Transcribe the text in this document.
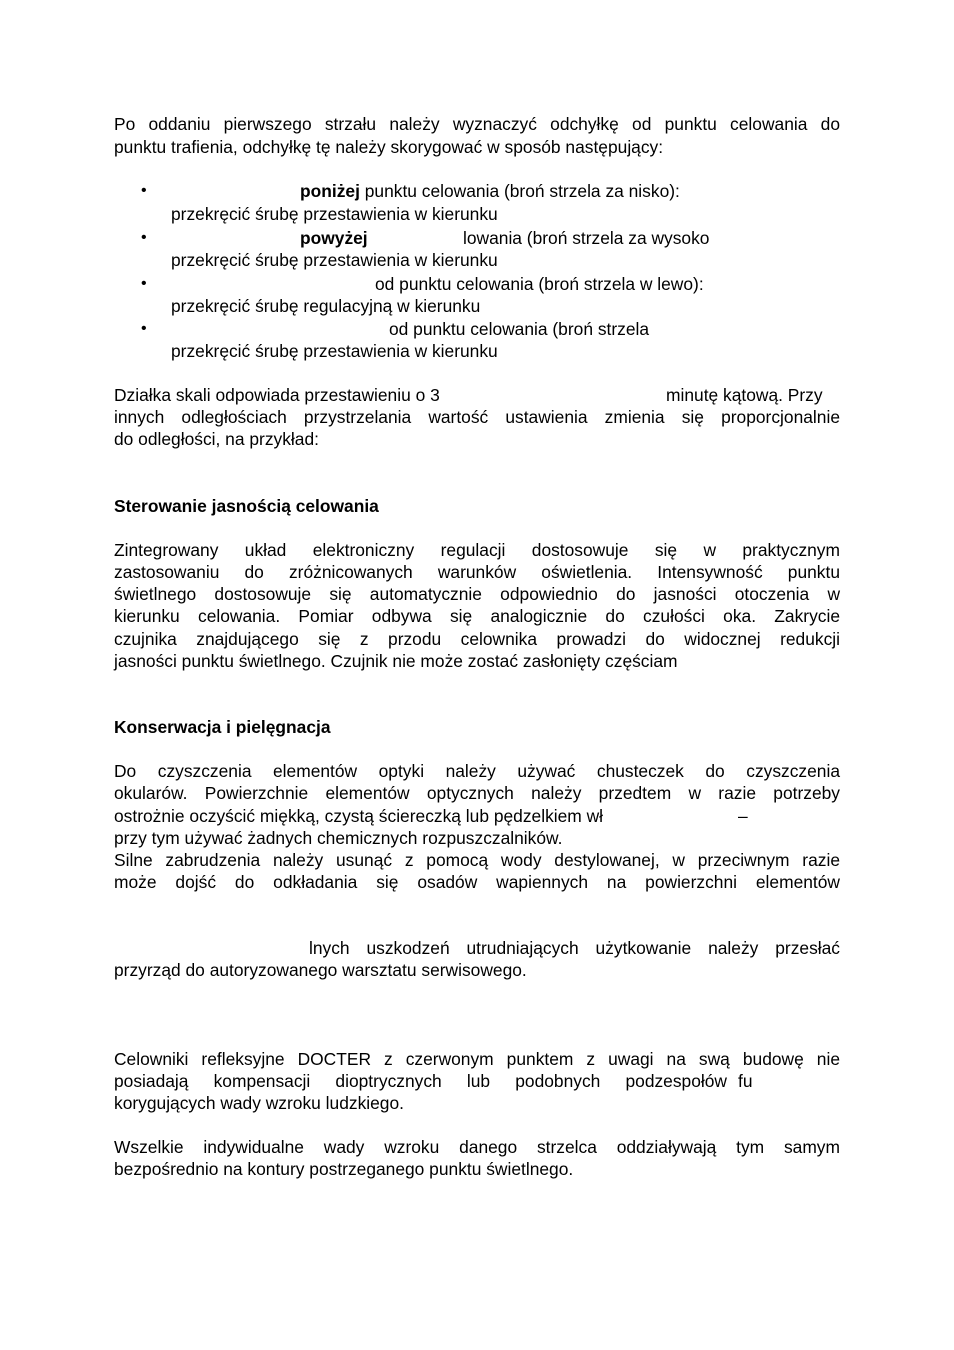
Po oddaniu pierwszego strzału należy wyznaczyć odchyłkę od punktu celowania do
punktu trafienia, odchyłkę tę należy skorygować w sposób następujący:
•	poniżej punktu celowania (broń strzela za nisko):
przekręcić śrubę przestawienia w kierunku
•	powyżej	lowania (broń strzela za wysoko
przekręcić śrubę przestawienia w kierunku
•	od punktu celowania (broń strzela w lewo):
przekręcić śrubę regulacyjną w kierunku
•	od punktu celowania (broń strzela
przekręcić śrubę przestawienia w kierunku
Działka skali odpowiada przestawieniu o 3	minutę kątową. Przy
innych odległościach przystrzelania wartość ustawienia zmienia się proporcjonalnie
do odległości, na przykład:
Sterowanie jasnością celowania
Zintegrowany układ elektroniczny regulacji dostosowuje się w praktycznym
zastosowaniu do zróżnicowanych warunków oświetlenia. Intensywność punktu
świetlnego dostosowuje się automatycznie odpowiednio do jasności otoczenia w
kierunku celowania. Pomiar odbywa się analogicznie do czułości oka. Zakrycie
czujnika znajdującego się z przodu celownika prowadzi do widocznej redukcji
jasności punktu świetlnego. Czujnik nie może zostać zasłonięty częściam
Konserwacja i pielęgnacja
Do czyszczenia elementów optyki należy używać chusteczek do czyszczenia
okularów. Powierzchnie elementów optycznych należy przedtem w razie potrzeby
ostrożnie oczyścić miękką, czystą ściereczką lub pędzelkiem wł	–
przy tym używać żadnych chemicznych rozpuszczalników.
Silne zabrudzenia należy usunąć z pomocą wody destylowanej, w przeciwnym razie
może dojść do odkładania się osadów wapiennych na powierzchni elementów
lnych uszkodzeń utrudniających użytkowanie należy przesłać
przyrząd do autoryzowanego warsztatu serwisowego.
Celowniki refleksyjne DOCTER z czerwonym punktem z uwagi na swą budowę nie
posiadają kompensacji dioptrycznych lub podobnych podzespołów fu
korygujących wady wzroku ludzkiego.
Wszelkie indywidualne wady wzroku danego strzelca oddziaływają tym samym
bezpośrednio na kontury postrzeganego punktu świetlnego.
